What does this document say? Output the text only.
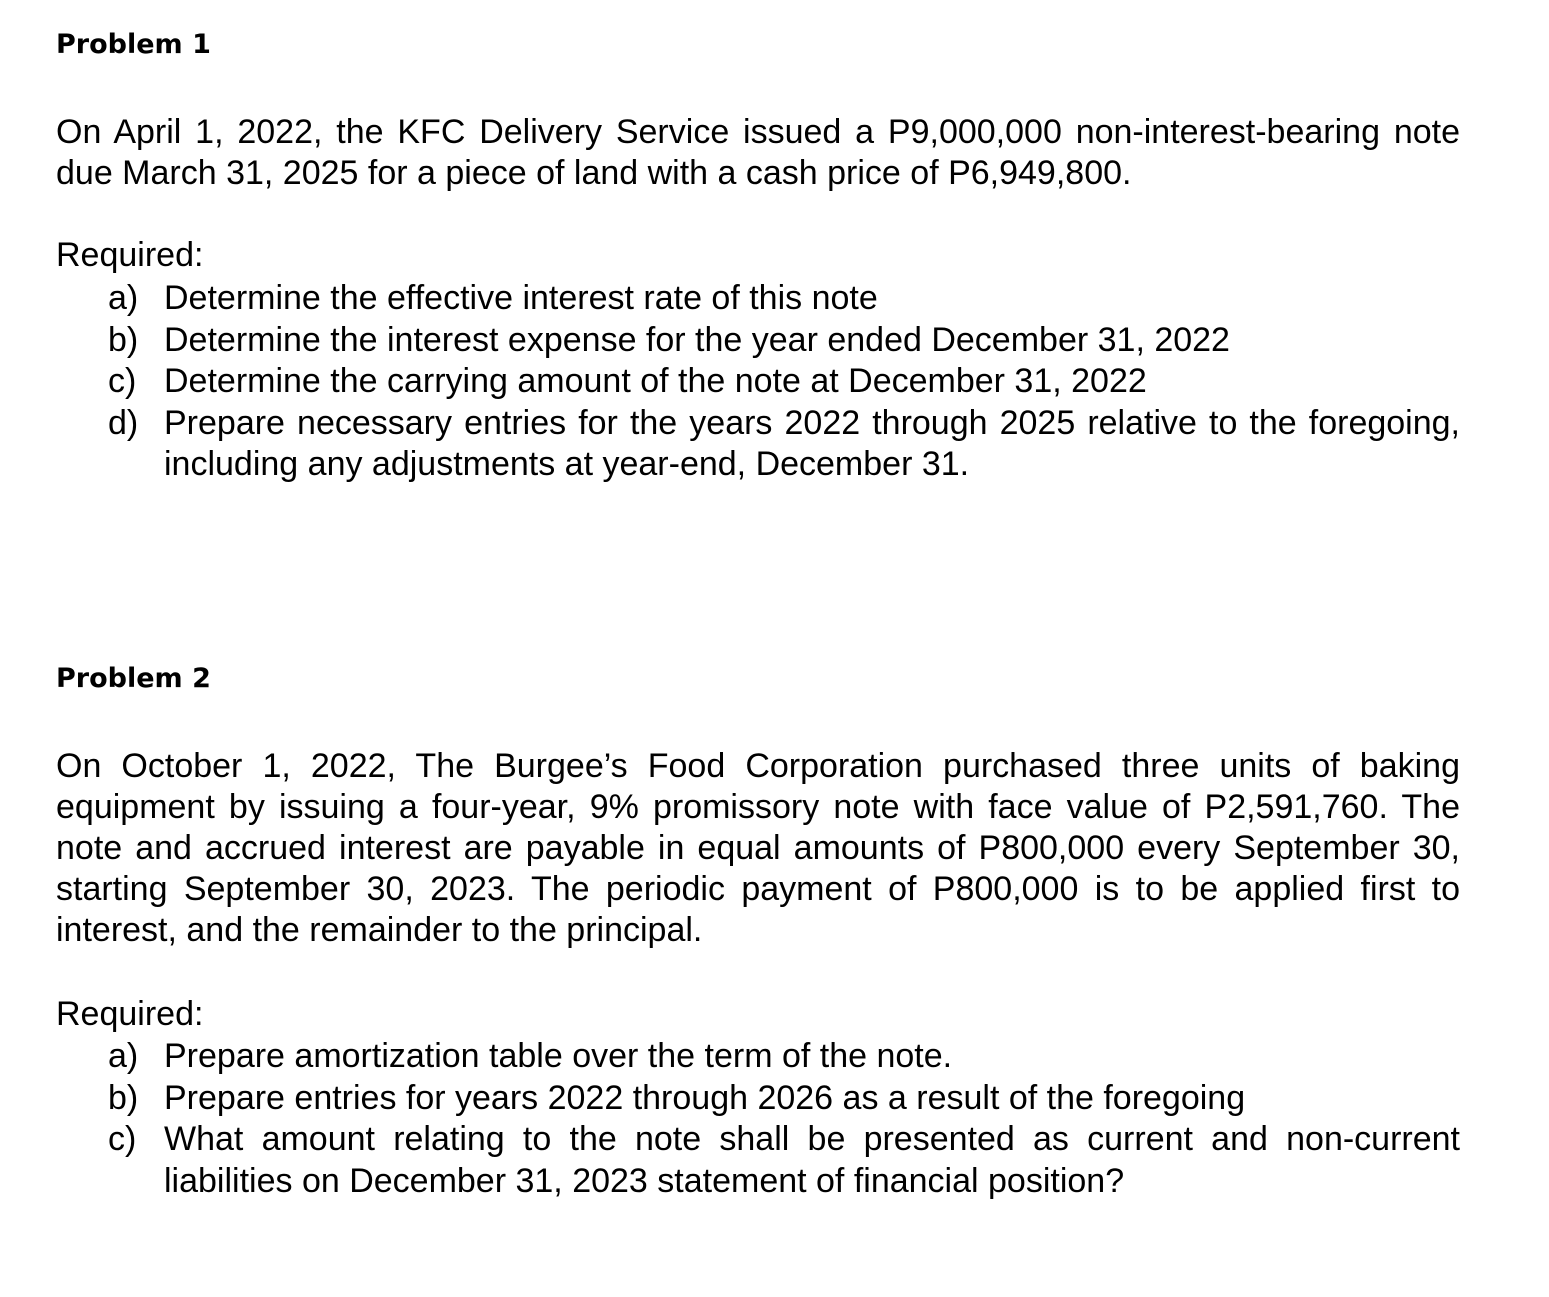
Problem 1

On April 1, 2022, the KFC Delivery Service issued a P9,000,000 non-interest-bearing note due March 31, 2025 for a piece of land with a cash price of P6,949,800.

Required:

a) Determine the effective interest rate of this note
b) Determine the interest expense for the year ended December 31, 2022
c) Determine the carrying amount of the note at December 31, 2022
d) Prepare necessary entries for the years 2022 through 2025 relative to the foregoing, including any adjustments at year-end, December 31.
Problem 2

On October 1, 2022, The Burgee’s Food Corporation purchased three units of baking equipment by issuing a four-year, 9% promissory note with face value of P2,591,760. The note and accrued interest are payable in equal amounts of P800,000 every September 30, starting September 30, 2023. The periodic payment of P800,000 is to be applied first to interest, and the remainder to the principal.

Required:

a) Prepare amortization table over the term of the note.
b) Prepare entries for years 2022 through 2026 as a result of the foregoing
c) What amount relating to the note shall be presented as current and non-current liabilities on December 31, 2023 statement of financial position?
